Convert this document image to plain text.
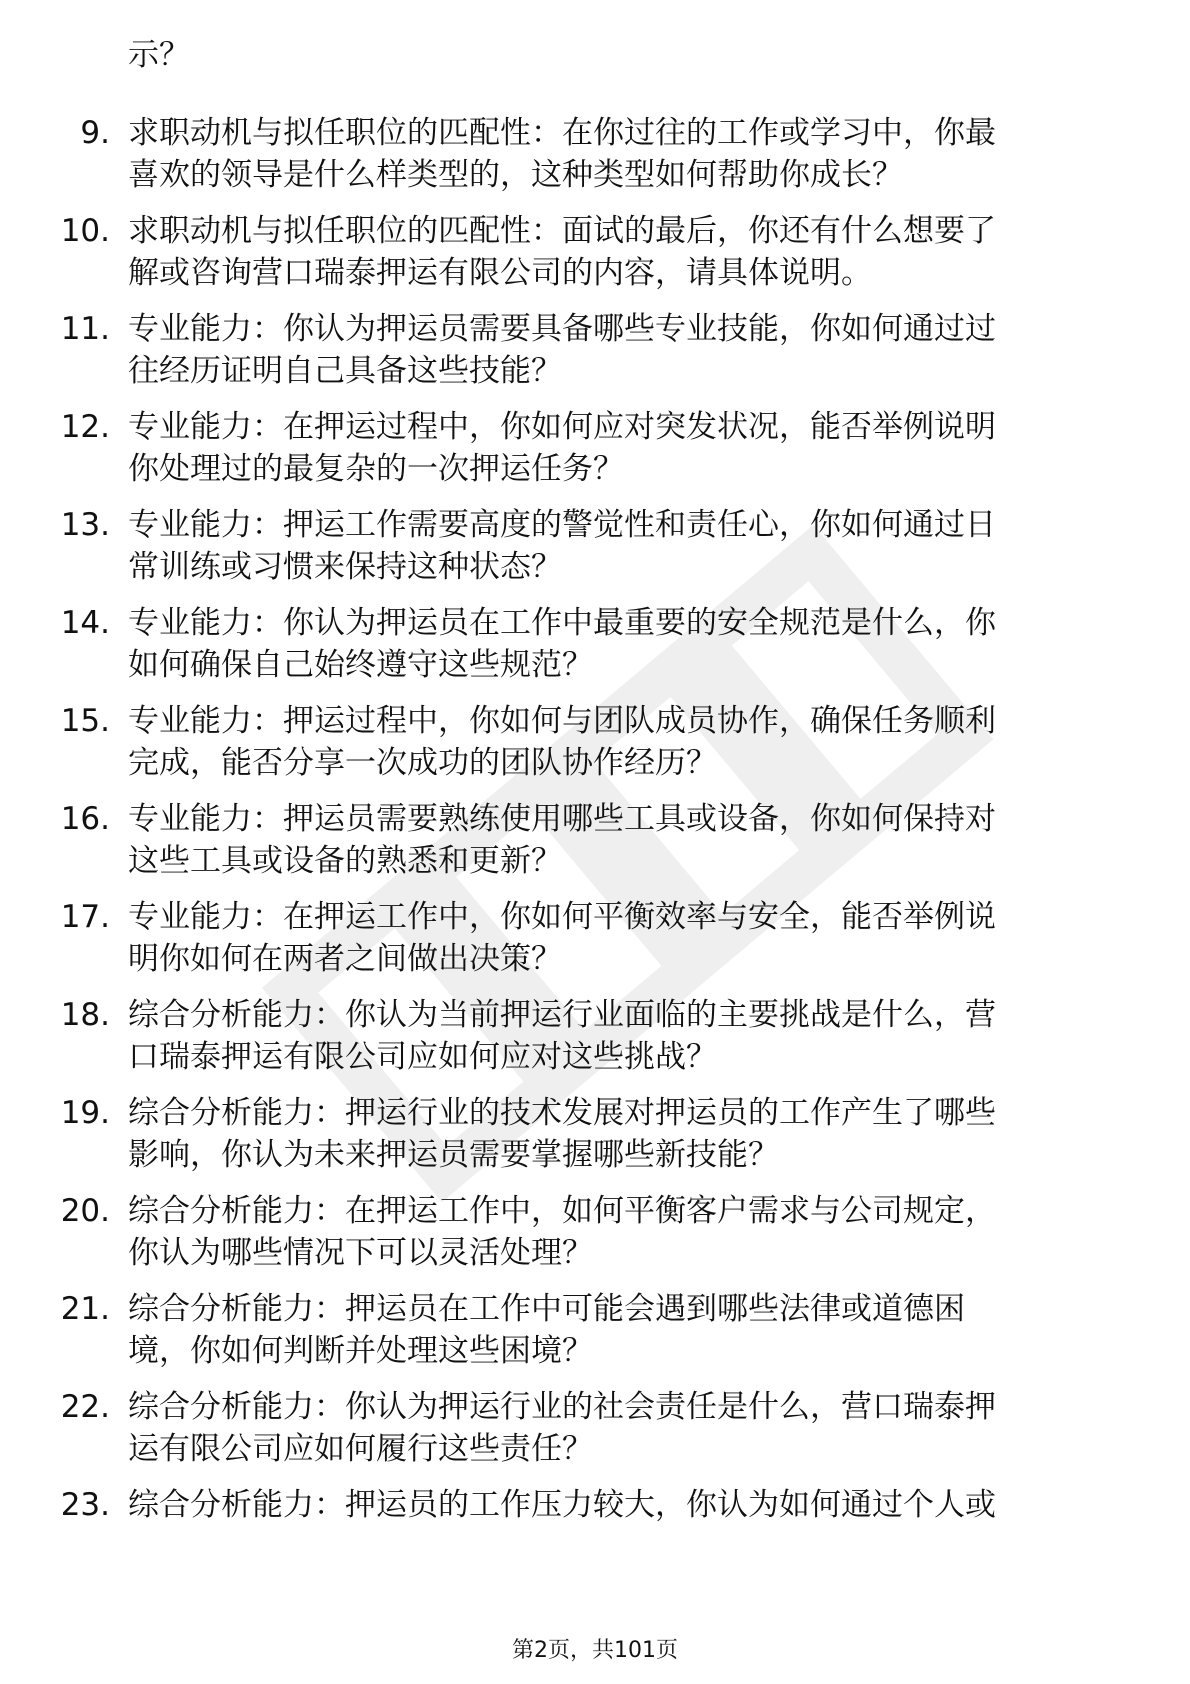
示？

9. 求职动机与拟任职位的匹配性：在你过往的工作或学习中，你最
喜欢的领导是什么样类型的，这种类型如何帮助你成长？
10. 求职动机与拟任职位的匹配性：面试的最后，你还有什么想要了
解或咨询营口瑞泰押运有限公司的内容，请具体说明。
11. 专业能力：你认为押运员需要具备哪些专业技能，你如何通过过
往经历证明自己具备这些技能？
12. 专业能力：在押运过程中，你如何应对突发状况，能否举例说明
你处理过的最复杂的一次押运任务？
13. 专业能力：押运工作需要高度的警觉性和责任心，你如何通过日
常训练或习惯来保持这种状态？
14. 专业能力：你认为押运员在工作中最重要的安全规范是什么，你
如何确保自己始终遵守这些规范？
15. 专业能力：押运过程中，你如何与团队成员协作，确保任务顺利
完成，能否分享一次成功的团队协作经历？
16. 专业能力：押运员需要熟练使用哪些工具或设备，你如何保持对
这些工具或设备的熟悉和更新？
17. 专业能力：在押运工作中，你如何平衡效率与安全，能否举例说
明你如何在两者之间做出决策？
18. 综合分析能力：你认为当前押运行业面临的主要挑战是什么，营
口瑞泰押运有限公司应如何应对这些挑战？
19. 综合分析能力：押运行业的技术发展对押运员的工作产生了哪些
影响，你认为未来押运员需要掌握哪些新技能？
20. 综合分析能力：在押运工作中，如何平衡客户需求与公司规定，
你认为哪些情况下可以灵活处理？
21. 综合分析能力：押运员在工作中可能会遇到哪些法律或道德困
境，你如何判断并处理这些困境？
22. 综合分析能力：你认为押运行业的社会责任是什么，营口瑞泰押
运有限公司应如何履行这些责任？
23. 综合分析能力：押运员的工作压力较大，你认为如何通过个人或
第2页，共101页
